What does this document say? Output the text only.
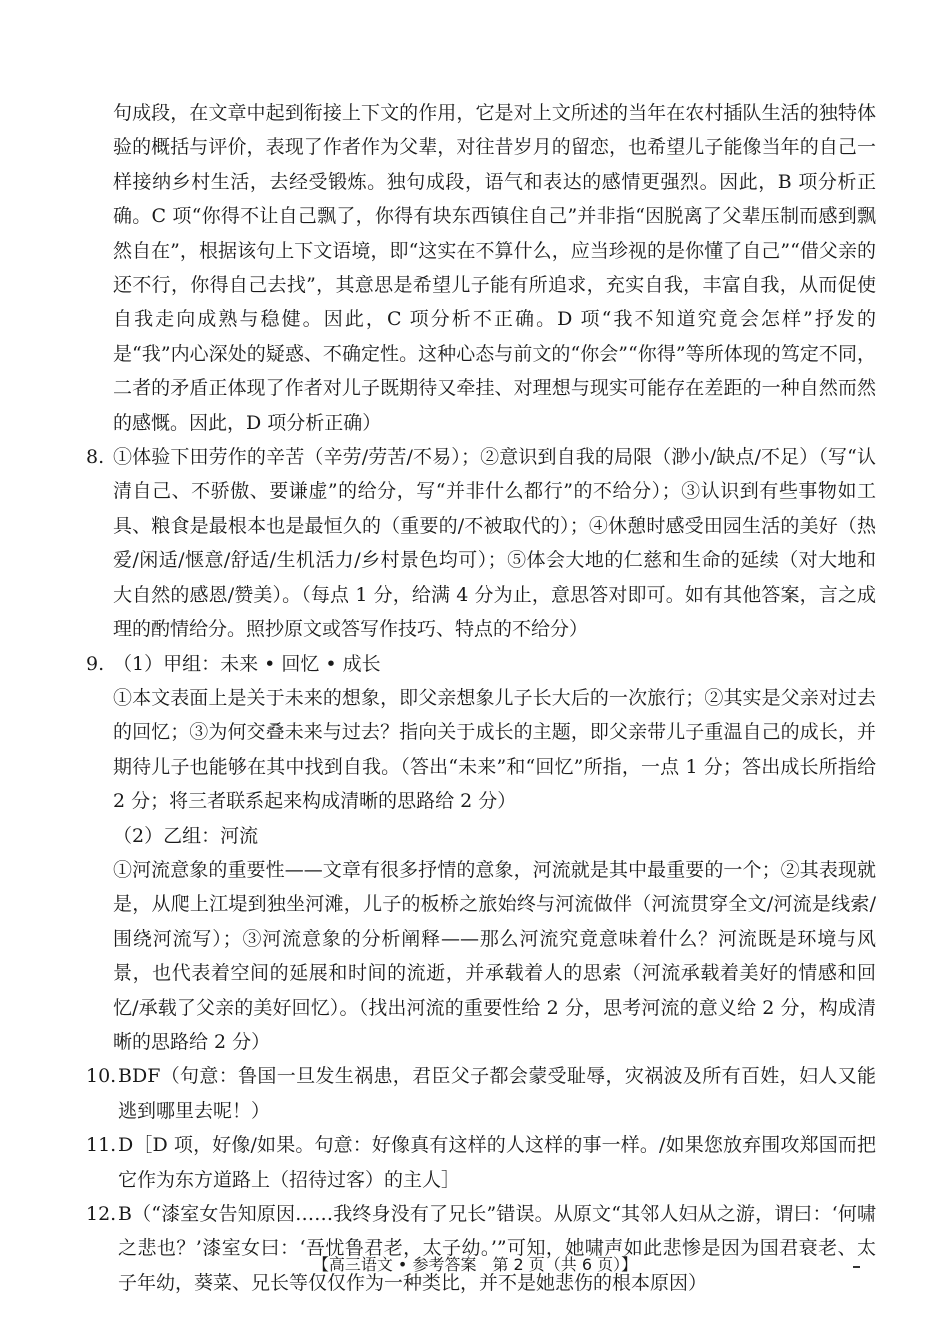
句成段，在文章中起到衔接上下文的作用，它是对上文所述的当年在农村插队生活的独特体验的概括与评价，表现了作者作为父辈，对往昔岁月的留恋，也希望儿子能像当年的自己一样接纳乡村生活，去经受锻炼。独句成段，语气和表达的感情更强烈。因此，B 项分析正确。C 项“你得不让自己飘了，你得有块东西镇住自己”并非指“因脱离了父辈压制而感到飘然自在”，根据该句上下文语境，即“这实在不算什么，应当珍视的是你懂了自己”“借父亲的还不行，你得自己去找”，其意思是希望儿子能有所追求，充实自我，丰富自我，从而促使自我走向成熟与稳健。因此，C 项分析不正确。D 项“我不知道究竟会怎样”抒发的是“我”内心深处的疑惑、不确定性。这种心态与前文的“你会”“你得”等所体现的笃定不同，二者的矛盾正体现了作者对儿子既期待又牵挂、对理想与现实可能存在差距的一种自然而然的感慨。因此，D 项分析正确）

8. ①体验下田劳作的辛苦（辛劳/劳苦/不易）；②意识到自我的局限（渺小/缺点/不足）（写“认清自己、不骄傲、要谦虚”的给分，写“并非什么都行”的不给分）；③认识到有些事物如工具、粮食是最根本也是最恒久的（重要的/不被取代的）；④休憩时感受田园生活的美好（热爱/闲适/惬意/舒适/生机活力/乡村景色均可）；⑤体会大地的仁慈和生命的延续（对大地和大自然的感恩/赞美）。（每点 1 分，给满 4 分为止，意思答对即可。如有其他答案，言之成理的酌情给分。照抄原文或答写作技巧、特点的不给分）

9. （1）甲组：未来 • 回忆 • 成长

①本文表面上是关于未来的想象，即父亲想象儿子长大后的一次旅行；②其实是父亲对过去的回忆；③为何交叠未来与过去？指向关于成长的主题，即父亲带儿子重温自己的成长，并期待儿子也能够在其中找到自我。（答出“未来”和“回忆”所指，一点 1 分；答出成长所指给 2 分；将三者联系起来构成清晰的思路给 2 分）

（2）乙组：河流

①河流意象的重要性——文章有很多抒情的意象，河流就是其中最重要的一个；②其表现就是，从爬上江堤到独坐河滩，儿子的板桥之旅始终与河流做伴（河流贯穿全文/河流是线索/围绕河流写）；③河流意象的分析阐释——那么河流究竟意味着什么？河流既是环境与风景，也代表着空间的延展和时间的流逝，并承载着人的思索（河流承载着美好的情感和回忆/承载了父亲的美好回忆）。（找出河流的重要性给 2 分，思考河流的意义给 2 分，构成清晰的思路给 2 分）

10. BDF（句意：鲁国一旦发生祸患，君臣父子都会蒙受耻辱，灾祸波及所有百姓，妇人又能逃到哪里去呢！）

11. D［D 项，好像/如果。句意：好像真有这样的人这样的事一样。/如果您放弃围攻郑国而把它作为东方道路上（招待过客）的主人］

12. B（“漆室女告知原因……我终身没有了兄长”错误。从原文“其邻人妇从之游，谓曰：‘何啸之悲也？’漆室女曰：‘吾忧鲁君老，太子幼。’”可知，她啸声如此悲惨是因为国君衰老、太子年幼，葵菜、兄长等仅仅作为一种类比，并不是她悲伤的根本原因）

【高三语文 • 参考答案　第 2 页（共 6 页）】
